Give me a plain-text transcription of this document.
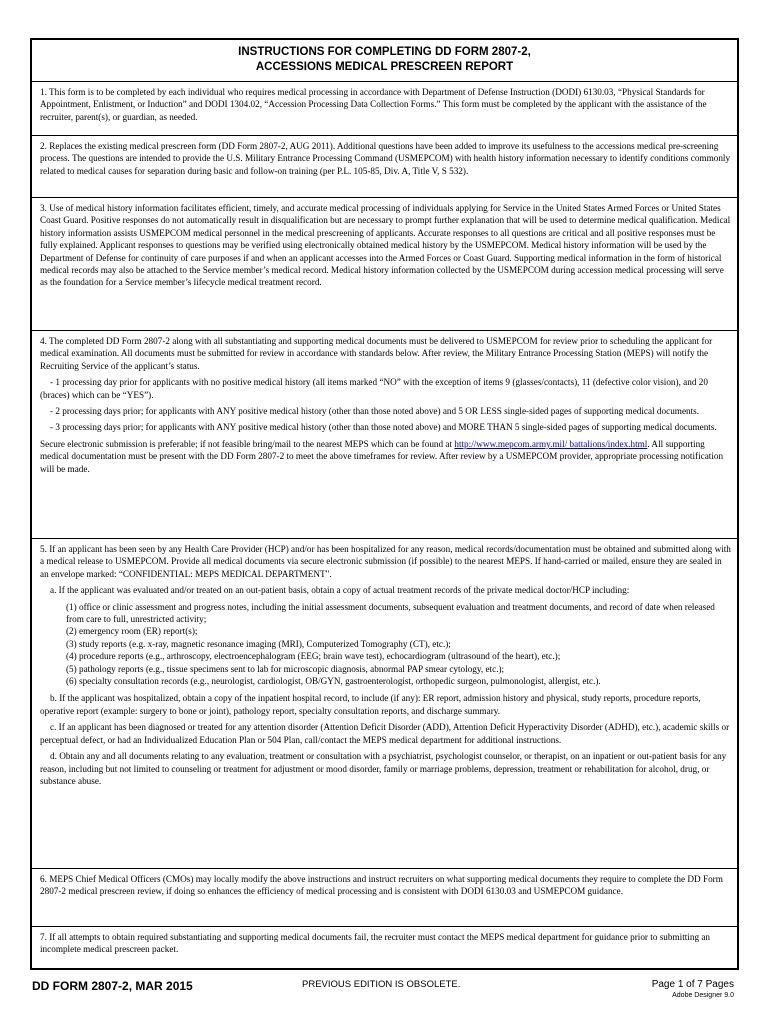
INSTRUCTIONS FOR COMPLETING DD FORM 2807-2,
ACCESSIONS MEDICAL PRESCREEN REPORT

1. This form is to be completed by each individual who requires medical processing in accordance with Department of Defense Instruction (DODI) 6130.03, “Physical Standards for Appointment, Enlistment, or Induction” and DODI 1304.02, “Accession Processing Data Collection Forms.” This form must be completed by the applicant with the assistance of the recruiter, parent(s), or guardian, as needed.

2. Replaces the existing medical prescreen form (DD Form 2807-2, AUG 2011). Additional questions have been added to improve its usefulness to the accessions medical pre-screening process. The questions are intended to provide the U.S. Military Entrance Processing Command (USMEPCOM) with health history information necessary to identify conditions commonly related to medical causes for separation during basic and follow-on training (per P.L. 105-85, Div. A, Title V, S 532).

3. Use of medical history information facilitates efficient, timely, and accurate medical processing of individuals applying for Service in the United States Armed Forces or United States Coast Guard. Positive responses do not automatically result in disqualification but are necessary to prompt further explanation that will be used to determine medical qualification. Medical history information assists USMEPCOM medical personnel in the medical prescreening of applicants. Accurate responses to all questions are critical and all positive responses must be fully explained. Applicant responses to questions may be verified using electronically obtained medical history by the USMEPCOM. Medical history information will be used by the Department of Defense for continuity of care purposes if and when an applicant accesses into the Armed Forces or Coast Guard. Supporting medical information in the form of historical medical records may also be attached to the Service member’s medical record. Medical history information collected by the USMEPCOM during accession medical processing will serve as the foundation for a Service member’s lifecycle medical treatment record.

4. The completed DD Form 2807-2 along with all substantiating and supporting medical documents must be delivered to USMEPCOM for review prior to scheduling the applicant for medical examination. All documents must be submitted for review in accordance with standards below. After review, the Military Entrance Processing Station (MEPS) will notify the Recruiting Service of the applicant’s status.

- 1 processing day prior for applicants with no positive medical history (all items marked “NO” with the exception of items 9 (glasses/contacts), 11 (defective color vision), and 20 (braces) which can be “YES”).

- 2 processing days prior; for applicants with ANY positive medical history (other than those noted above) and 5 OR LESS single-sided pages of supporting medical documents.

- 3 processing days prior; for applicants with ANY positive medical history (other than those noted above) and MORE THAN 5 single-sided pages of supporting medical documents.

Secure electronic submission is preferable; if not feasible bring/mail to the nearest MEPS which can be found at http://www.mepcom.army.mil/ battalions/index.html. All supporting medical documentation must be present with the DD Form 2807-2 to meet the above timeframes for review. After review by a USMEPCOM provider, appropriate processing notification will be made.

5. If an applicant has been seen by any Health Care Provider (HCP) and/or has been hospitalized for any reason, medical records/documentation must be obtained and submitted along with a medical release to USMEPCOM. Provide all medical documents via secure electronic submission (if possible) to the nearest MEPS. If hand-carried or mailed, ensure they are sealed in an envelope marked: “CONFIDENTIAL: MEPS MEDICAL DEPARTMENT".

a. If the applicant was evaluated and/or treated on an out-patient basis, obtain a copy of actual treatment records of the private medical doctor/HCP including:

(1) office or clinic assessment and progress notes, including the initial assessment documents, subsequent evaluation and treatment documents, and record of date when released from care to full, unrestricted activity;
(2) emergency room (ER) report(s);
(3) study reports (e.g. x-ray, magnetic resonance imaging (MRI), Computerized Tomography (CT), etc.);
(4) procedure reports (e.g., arthroscopy, electroencephalogram (EEG; brain wave test), echocardiogram (ultrasound of the heart), etc.);
(5) pathology reports (e.g., tissue specimens sent to lab for microscopic diagnosis, abnormal PAP smear cytology, etc.);
(6) specialty consultation records (e.g., neurologist, cardiologist, OB/GYN, gastroenterologist, orthopedic surgeon, pulmonologist, allergist, etc.).

b. If the applicant was hospitalized, obtain a copy of the inpatient hospital record, to include (if any): ER report, admission history and physical, study reports, procedure reports, operative report (example: surgery to bone or joint), pathology report, specialty consultation reports, and discharge summary.

c. If an applicant has been diagnosed or treated for any attention disorder (Attention Deficit Disorder (ADD), Attention Deficit Hyperactivity Disorder (ADHD), etc.), academic skills or perceptual defect, or had an Individualized Education Plan or 504 Plan, call/contact the MEPS medical department for additional instructions.

d. Obtain any and all documents relating to any evaluation, treatment or consultation with a psychiatrist, psychologist counselor, or therapist, on an inpatient or out-patient basis for any reason, including but not limited to counseling or treatment for adjustment or mood disorder, family or marriage problems, depression, treatment or rehabilitation for alcohol, drug, or substance abuse.

6. MEPS Chief Medical Officers (CMOs) may locally modify the above instructions and instruct recruiters on what supporting medical documents they require to complete the DD Form 2807-2 medical prescreen review, if doing so enhances the efficiency of medical processing and is consistent with DODI 6130.03 and USMEPCOM guidance.

7. If all attempts to obtain required substantiating and supporting medical documents fail, the recruiter must contact the MEPS medical department for guidance prior to submitting an incomplete medical prescreen packet.

DD FORM 2807-2, MAR 2015	PREVIOUS EDITION IS OBSOLETE.	Page 1 of 7 Pages
Adobe Designer 9.0
